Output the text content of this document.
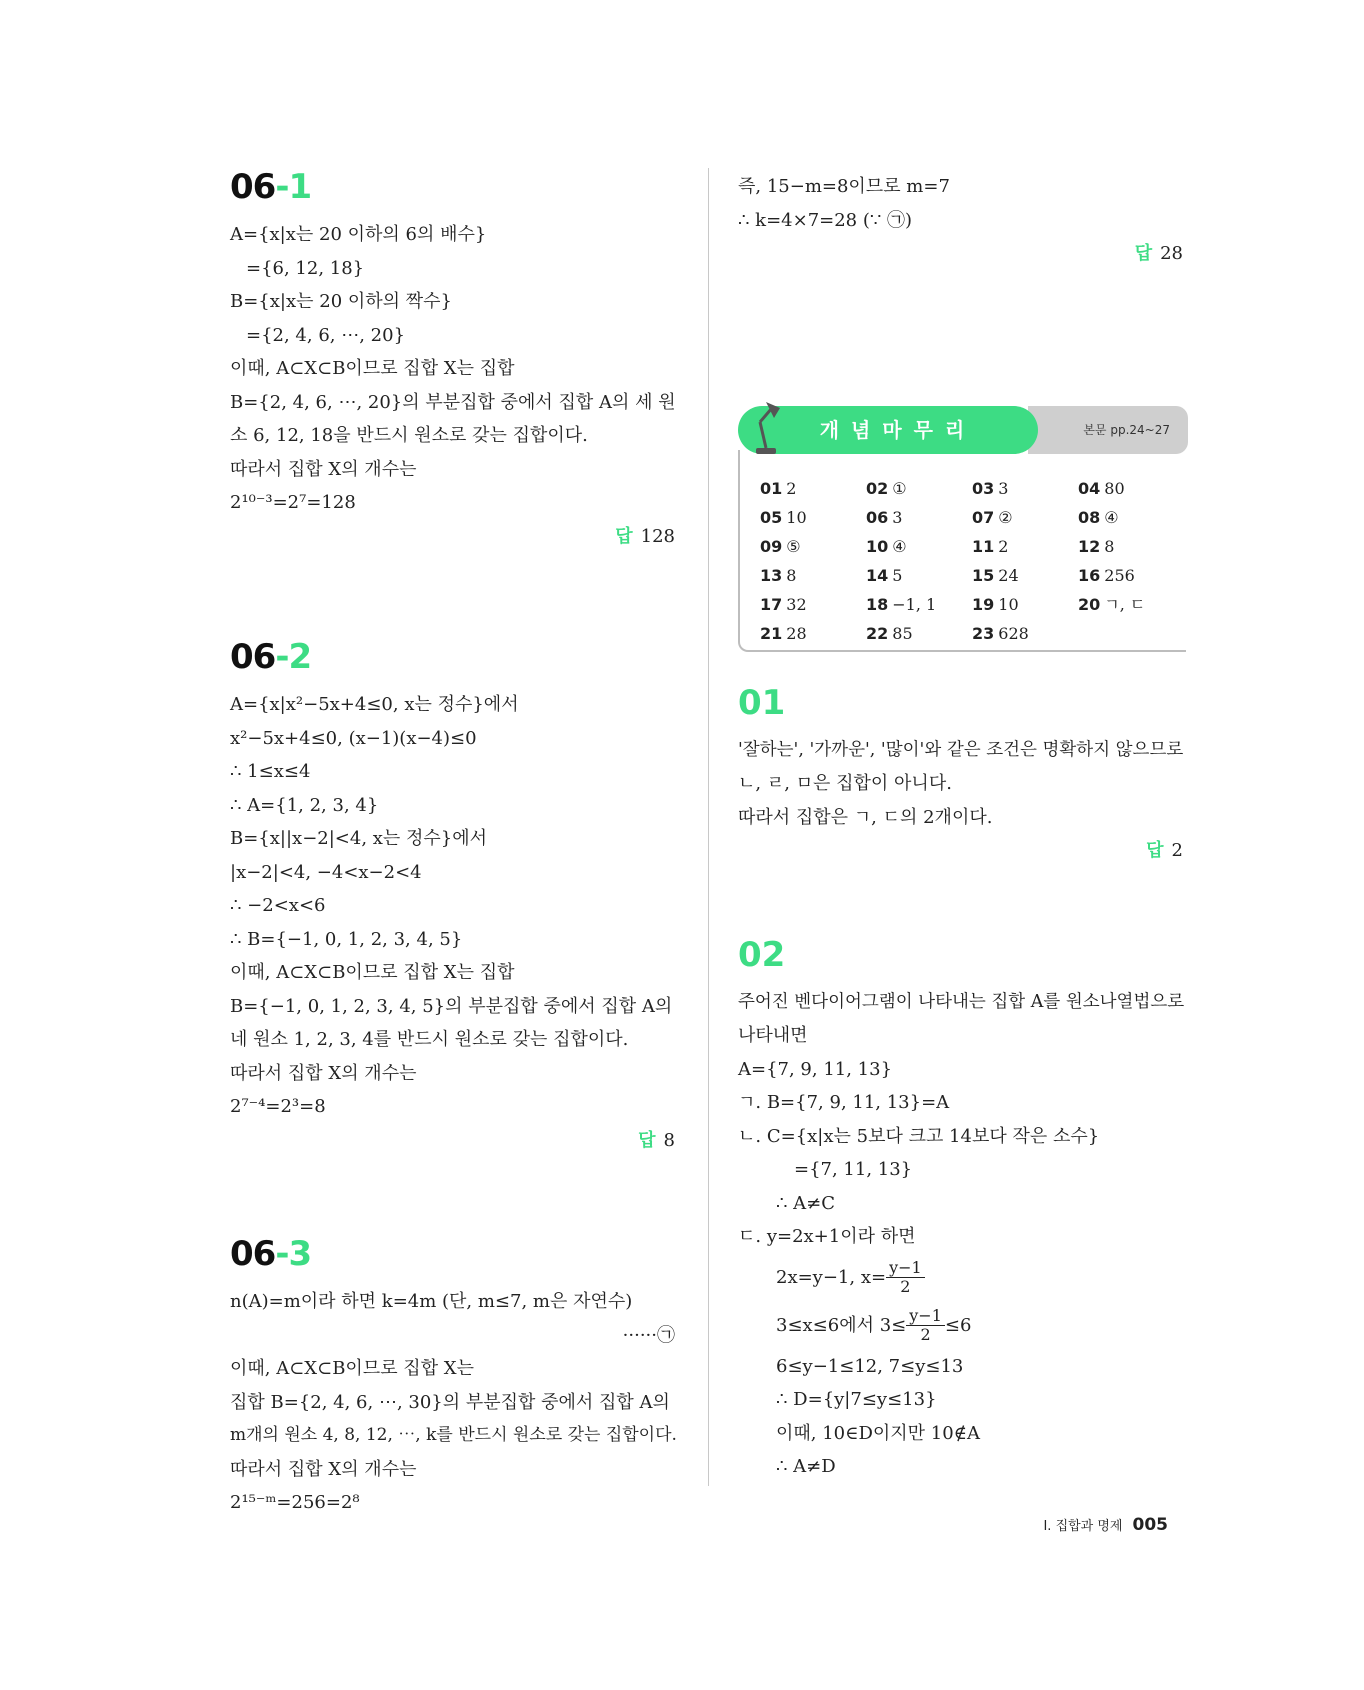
06-1
A={x|x는 20 이하의 6의 배수}
={6, 12, 18}
B={x|x는 20 이하의 짝수}
={2, 4, 6, ⋯, 20}
이때, A⊂X⊂B이므로 집합 X는 집합
B={2, 4, 6, ⋯, 20}의 부분집합 중에서 집합 A의 세 원
소 6, 12, 18을 반드시 원소로 갖는 집합이다.
따라서 집합 X의 개수는
2¹⁰⁻³=2⁷=128
답 128
06-2
A={x|x²−5x+4≤0, x는 정수}에서
x²−5x+4≤0, (x−1)(x−4)≤0
∴ 1≤x≤4
∴ A={1, 2, 3, 4}
B={x||x−2|<4, x는 정수}에서
|x−2|<4, −4<x−2<4
∴ −2<x<6
∴ B={−1, 0, 1, 2, 3, 4, 5}
이때, A⊂X⊂B이므로 집합 X는 집합
B={−1, 0, 1, 2, 3, 4, 5}의 부분집합 중에서 집합 A의
네 원소 1, 2, 3, 4를 반드시 원소로 갖는 집합이다.
따라서 집합 X의 개수는
2⁷⁻⁴=2³=8
답 8
06-3
n(A)=m이라 하면 k=4m (단, m≤7, m은 자연수)
······㉠
이때, A⊂X⊂B이므로 집합 X는
집합 B={2, 4, 6, ⋯, 30}의 부분집합 중에서 집합 A의
m개의 원소 4, 8, 12, ⋯, k를 반드시 원소로 갖는 집합이다.
따라서 집합 X의 개수는
2¹⁵⁻ᵐ=256=2⁸
즉, 15−m=8이므로 m=7
∴ k=4×7=28 (∵ ㉠)
답 28
본문 pp.24~27
개념마무리
01 2	02 ①	03 3	04 80
05 10	06 3	07 ②	08 ④
09 ⑤	10 ④	11 2	12 8
13 8	14 5	15 24	16 256
17 32	18 −1, 1	19 10	20 ㄱ, ㄷ
21 28	22 85	23 628
01
'잘하는', '가까운', '많이'와 같은 조건은 명확하지 않으므로
ㄴ, ㄹ, ㅁ은 집합이 아니다.
따라서 집합은 ㄱ, ㄷ의 2개이다.
답 2
02
주어진 벤다이어그램이 나타내는 집합 A를 원소나열법으로
나타내면
A={7, 9, 11, 13}
ㄱ. B={7, 9, 11, 13}=A
ㄴ. C={x|x는 5보다 크고 14보다 작은 소수}
={7, 11, 13}
∴ A≠C
ㄷ. y=2x+1이라 하면
2x=y−1, $x= \frac{y-1}{2}$
3≤x≤6에서 $3\le \frac{y-1}{2} \le 6$
6≤y−1≤12, 7≤y≤13
∴ D={y|7≤y≤13}
이때, 10∈D이지만 10∉A
∴ A≠D
I. 집합과 명제 005
